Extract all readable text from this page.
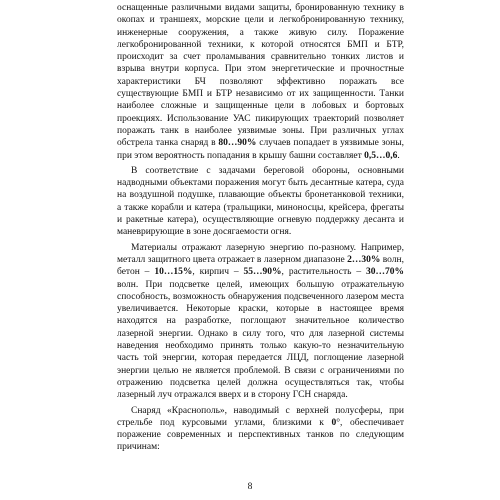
оснащенные различными видами защиты, бронированную технику в окопах и траншеях, морские цели и легкобронированную технику, инженерные сооружения, а также живую силу. Поражение легкобронированной техники, к которой относятся БМП и БТР, происходит за счет проламывания сравнительно тонких листов и взрыва внутри корпуса. При этом энергетические и прочностные характеристики БЧ позволяют эффективно поражать все существующие БМП и БТР независимо от их защищенности. Танки наиболее сложные и защищенные цели в лобовых и бортовых проекциях. Использование УАС пикирующих траекторий позволяет поражать танк в наиболее уязвимые зоны. При различных углах обстрела танка снаряд в 80…90% случаев попадает в уязвимые зоны, при этом вероятность попадания в крышу башни составляет 0,5…0,6.

В соответствие с задачами береговой обороны, основными надводными объектами поражения могут быть десантные катера, суда на воздушной подушке, плавающие объекты бронетанковой техники, а также корабли и катера (тральщики, миноносцы, крейсера, фрегаты и ракетные катера), осуществляющие огневую поддержку десанта и маневрирующие в зоне досягаемости огня.

Материалы отражают лазерную энергию по-разному. Например, металл защитного цвета отражает в лазерном диапазоне 2…30% волн, бетон – 10…15%, кирпич – 55…90%, растительность – 30…70% волн. При подсветке целей, имеющих большую отражательную способность, возможность обнаружения подсвеченного лазером места увеличивается. Некоторые краски, которые в настоящее время находятся на разработке, поглощают значительное количество лазерной энергии. Однако в силу того, что для лазерной системы наведения необходимо принять только какую-то незначительную часть той энергии, которая передается ЛЦД, поглощение лазерной энергии целью не является проблемой. В связи с ограничениями по отражению подсветка целей должна осуществляться так, чтобы лазерный луч отражался вверх и в сторону ГСН снаряда.

Снаряд «Краснополь», наводимый с верхней полусферы, при стрельбе под курсовыми углами, близкими к 0°, обеспечивает поражение современных и перспективных танков по следующим причинам:

8
